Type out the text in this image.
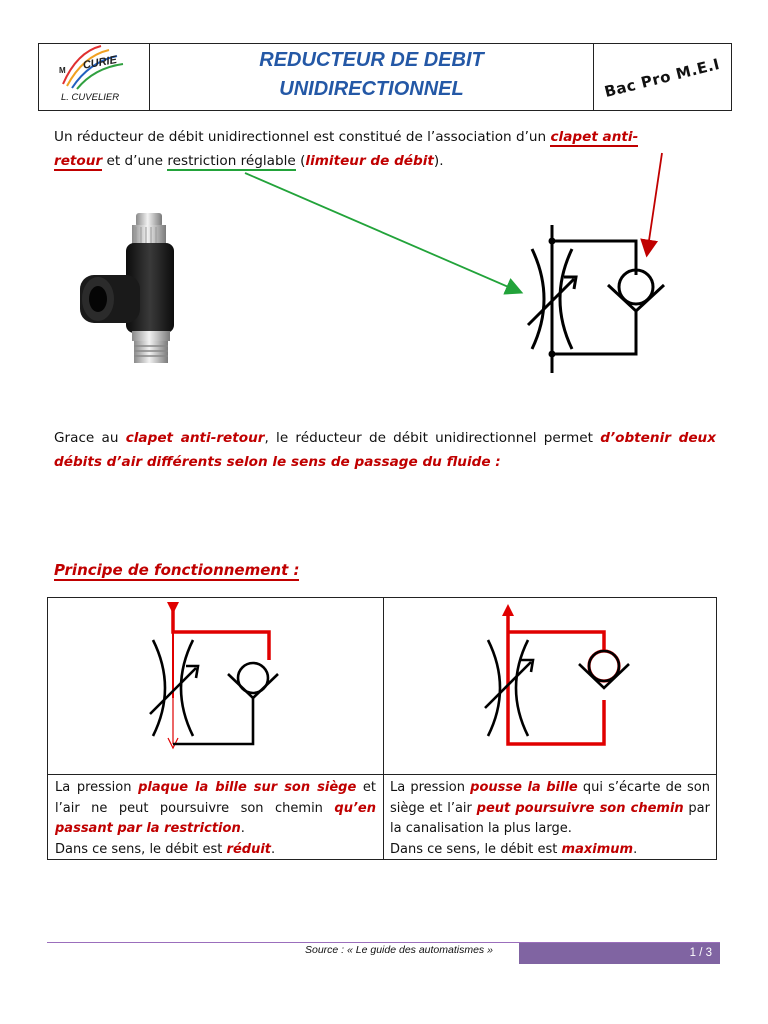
M CURIE
L. CUVELIER
REDUCTEUR DE DEBIT
UNIDIRECTIONNEL	Bac Pro M.E.I
Un réducteur de débit unidirectionnel est constitué de l’association d’un clapet anti-
retour et d’une restriction réglable (limiteur de débit).
Grace au clapet anti-retour, le réducteur de débit unidirectionnel permet d’obtenir deux débits d’air différents selon le sens de passage du fluide :
Principe de fonctionnement :
La pression plaque la bille sur son siège et l’air ne peut poursuivre son chemin qu’en passant par la restriction.
Dans ce sens, le débit est réduit.
La pression pousse la bille qui s’écarte de son siège et l’air peut poursuivre son chemin par la canalisation la plus large.
Dans ce sens, le débit est maximum.
Source : « Le guide des automatismes »	1 / 3
